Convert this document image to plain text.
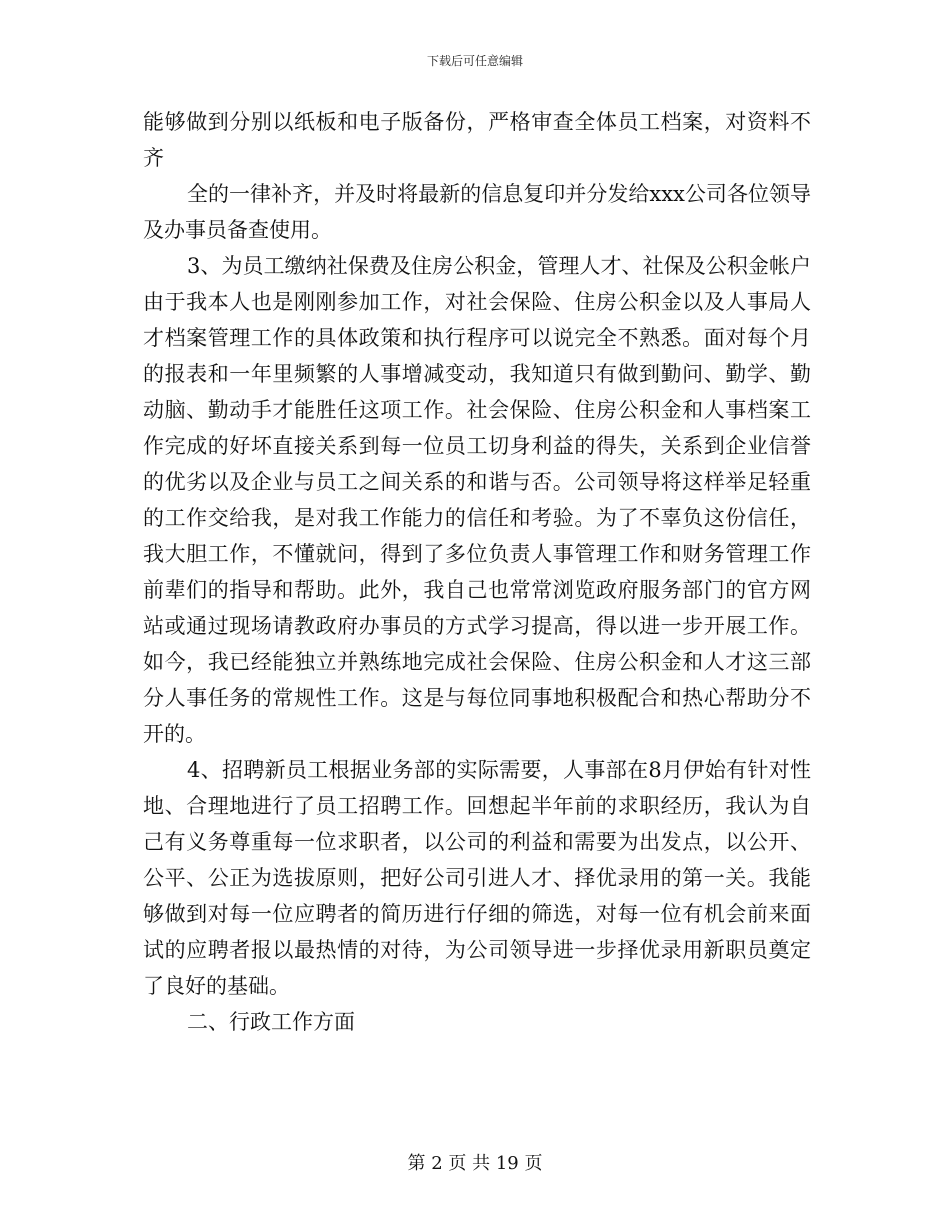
下载后可任意编辑

能够做到分别以纸板和电子版备份，严格审查全体员工档案，对资料不齐

全的一律补齐，并及时将最新的信息复印并分发给xxx公司各位领导及办事员备查使用。

3、为员工缴纳社保费及住房公积金，管理人才、社保及公积金帐户 由于我本人也是刚刚参加工作，对社会保险、住房公积金以及人事局人才档案管理工作的具体政策和执行程序可以说完全不熟悉。面对每个月的报表和一年里频繁的人事增减变动，我知道只有做到勤问、勤学、勤动脑、勤动手才能胜任这项工作。社会保险、住房公积金和人事档案工作完成的好坏直接关系到每一位员工切身利益的得失，关系到企业信誉的优劣以及企业与员工之间关系的和谐与否。公司领导将这样举足轻重的工作交给我，是对我工作能力的信任和考验。为了不辜负这份信任，我大胆工作，不懂就问，得到了多位负责人事管理工作和财务管理工作前辈们的指导和帮助。此外，我自己也常常浏览政府服务部门的官方网站或通过现场请教政府办事员的方式学习提高，得以进一步开展工作。如今，我已经能独立并熟练地完成社会保险、住房公积金和人才这三部分人事任务的常规性工作。这是与每位同事地积极配合和热心帮助分不开的。

4、招聘新员工根据业务部的实际需要，人事部在8月伊始有针对性地、合理地进行了员工招聘工作。回想起半年前的求职经历，我认为自己有义务尊重每一位求职者，以公司的利益和需要为出发点，以公开、公平、公正为选拔原则，把好公司引进人才、择优录用的第一关。我能够做到对每一位应聘者的简历进行仔细的筛选，对每一位有机会前来面试的应聘者报以最热情的对待，为公司领导进一步择优录用新职员奠定了良好的基础。

二、行政工作方面

第 2 页 共 19 页
